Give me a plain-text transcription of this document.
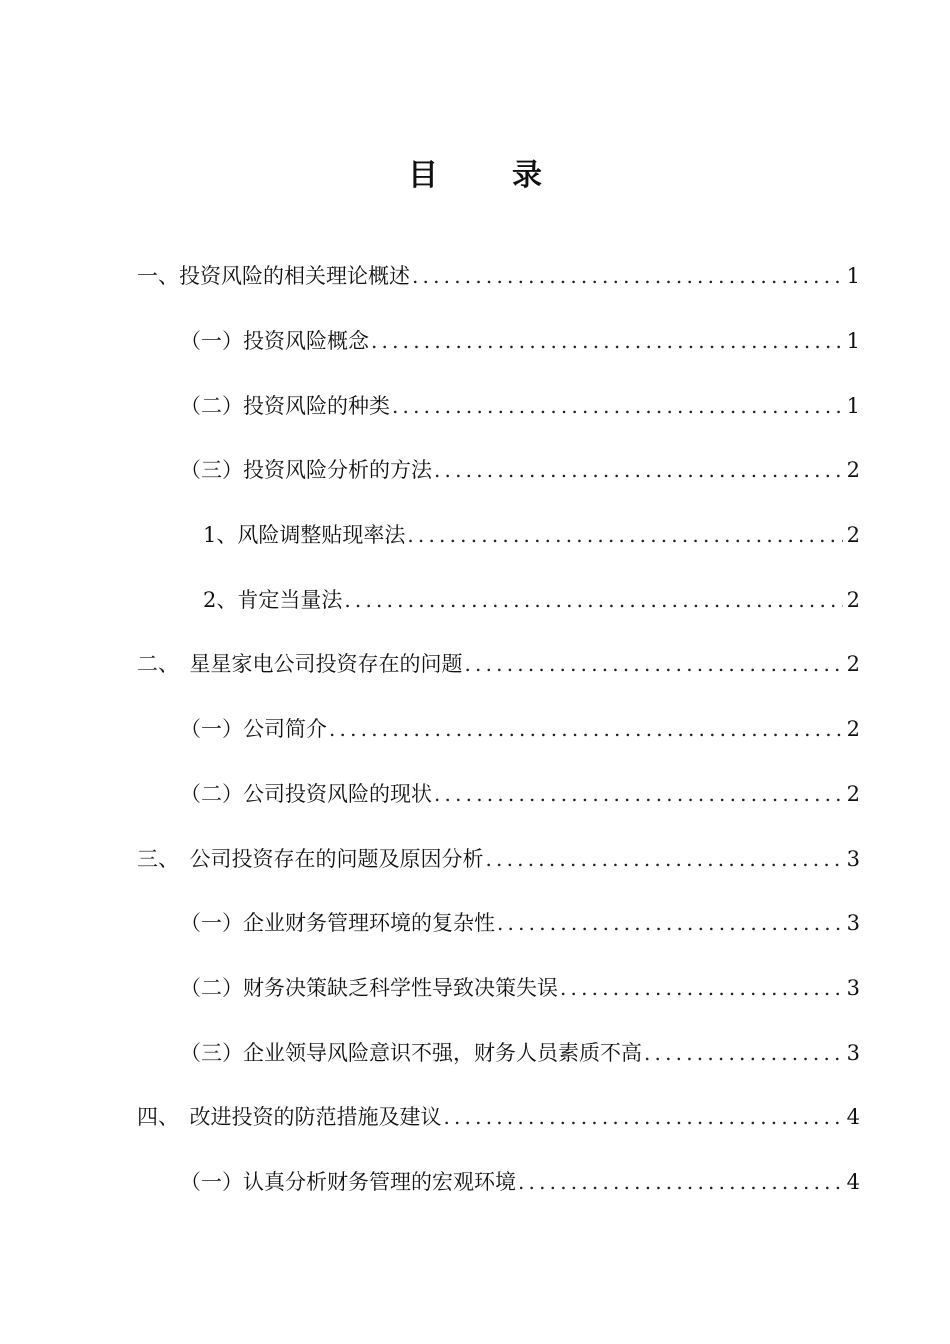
目　录
一、投资风险的相关理论概述 .....	1
（一）投资风险概念 .....	1
（二）投资风险的种类 .....	1
（三）投资风险分析的方法 .....	2
1、风险调整贴现率法 .....	2
2、肯定当量法 .....	2
二、　星星家电公司投资存在的问题 .....	2
（一）公司简介 .....	2
（二）公司投资风险的现状 .....	2
三、　公司投资存在的问题及原因分析 .....	3
（一）企业财务管理环境的复杂性 .....	3
（二）财务决策缺乏科学性导致决策失误 .....	3
（三）企业领导风险意识不强，财务人员素质不高 .....	3
四、　改进投资的防范措施及建议 .....	4
（一）认真分析财务管理的宏观环境 .....	4
